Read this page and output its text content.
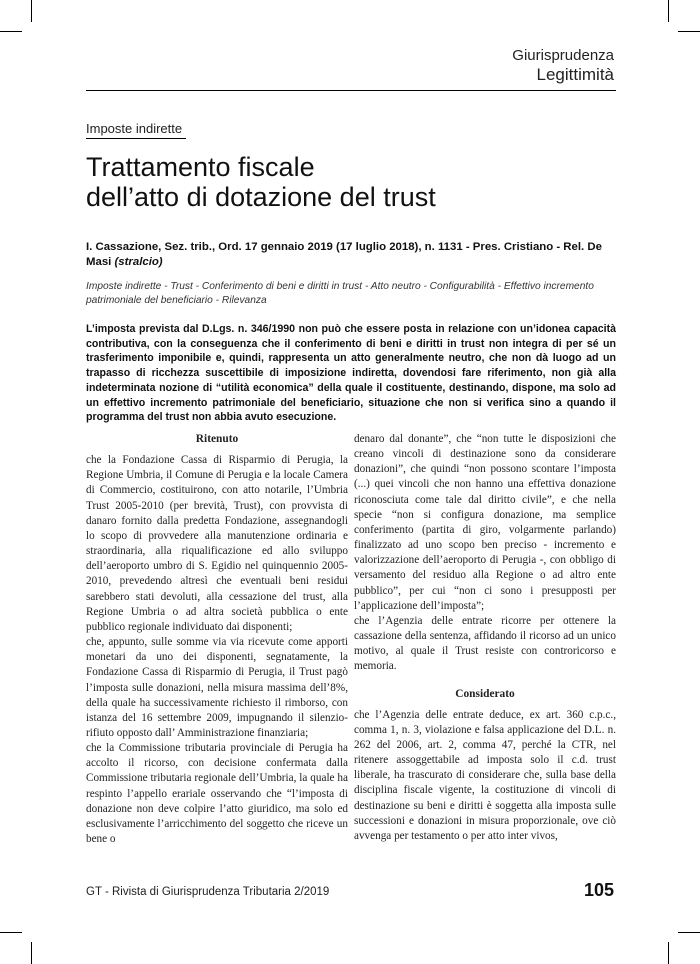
Giurisprudenza
Legittimità
Imposte indirette
Trattamento fiscale
dell’atto di dotazione del trust
I. Cassazione, Sez. trib., Ord. 17 gennaio 2019 (17 luglio 2018), n. 1131 - Pres. Cristiano - Rel. De Masi (stralcio)
Imposte indirette - Trust - Conferimento di beni e diritti in trust - Atto neutro - Configurabilità - Effettivo incremento patrimoniale del beneficiario - Rilevanza
L’imposta prevista dal D.Lgs. n. 346/1990 non può che essere posta in relazione con un’idonea capacità contributiva, con la conseguenza che il conferimento di beni e diritti in trust non integra di per sé un trasferimento imponibile e, quindi, rappresenta un atto generalmente neutro, che non dà luogo ad un trapasso di ricchezza suscettibile di imposizione indiretta, dovendosi fare riferimento, non già alla indeterminata nozione di “utilità economica” della quale il costituente, destinando, dispone, ma solo ad un effettivo incremento patrimoniale del beneficiario, situazione che non si verifica sino a quando il programma del trust non abbia avuto esecuzione.
Ritenuto

che la Fondazione Cassa di Risparmio di Perugia, la Regione Umbria, il Comune di Perugia e la locale Camera di Commercio, costituirono, con atto notarile, l’Umbria Trust 2005-2010 (per brevità, Trust), con provvista di danaro fornito dalla predetta Fondazione, assegnandogli lo scopo di provvedere alla manutenzione ordinaria e straordinaria, alla riqualificazione ed allo sviluppo dell’aeroporto umbro di S. Egidio nel quinquennio 2005-2010, prevedendo altresì che eventuali beni residui sarebbero stati devoluti, alla cessazione del trust, alla Regione Umbria o ad altra società pubblica o ente pubblico regionale individuato dai disponenti;

che, appunto, sulle somme via via ricevute come apporti monetari da uno dei disponenti, segnatamente, la Fondazione Cassa di Risparmio di Perugia, il Trust pagò l’imposta sulle donazioni, nella misura massima dell’8%, della quale ha successivamente richiesto il rimborso, con istanza del 16 settembre 2009, impugnando il silenzio-rifiuto opposto dall’ Amministrazione finanziaria;

che la Commissione tributaria provinciale di Perugia ha accolto il ricorso, con decisione confermata dalla Commissione tributaria regionale dell’Umbria, la quale ha respinto l’appello erariale osservando che “l’imposta di donazione non deve colpire l’atto giuridico, ma solo ed esclusivamente l’arricchimento del soggetto che riceve un bene o

denaro dal donante”, che “non tutte le disposizioni che creano vincoli di destinazione sono da considerare donazioni”, che quindi “non possono scontare l’imposta (...) quei vincoli che non hanno una effettiva donazione riconosciuta come tale dal diritto civile”, e che nella specie “non si configura donazione, ma semplice conferimento (partita di giro, volgarmente parlando) finalizzato ad uno scopo ben preciso - incremento e valorizzazione dell’aeroporto di Perugia -, con obbligo di versamento del residuo alla Regione o ad altro ente pubblico”, per cui “non ci sono i presupposti per l’applicazione dell’imposta”;

che l’Agenzia delle entrate ricorre per ottenere la cassazione della sentenza, affidando il ricorso ad un unico motivo, al quale il Trust resiste con controricorso e memoria.

Considerato

che l’Agenzia delle entrate deduce, ex art. 360 c.p.c., comma 1, n. 3, violazione e falsa applicazione del D.L. n. 262 del 2006, art. 2, comma 47, perché la CTR, nel ritenere assoggettabile ad imposta solo il c.d. trust liberale, ha trascurato di considerare che, sulla base della disciplina fiscale vigente, la costituzione di vincoli di destinazione su beni e diritti è soggetta alla imposta sulle successioni e donazioni in misura proporzionale, ove ciò avvenga per testamento o per atto inter vivos,

GT - Rivista di Giurisprudenza Tributaria 2/2019	105
